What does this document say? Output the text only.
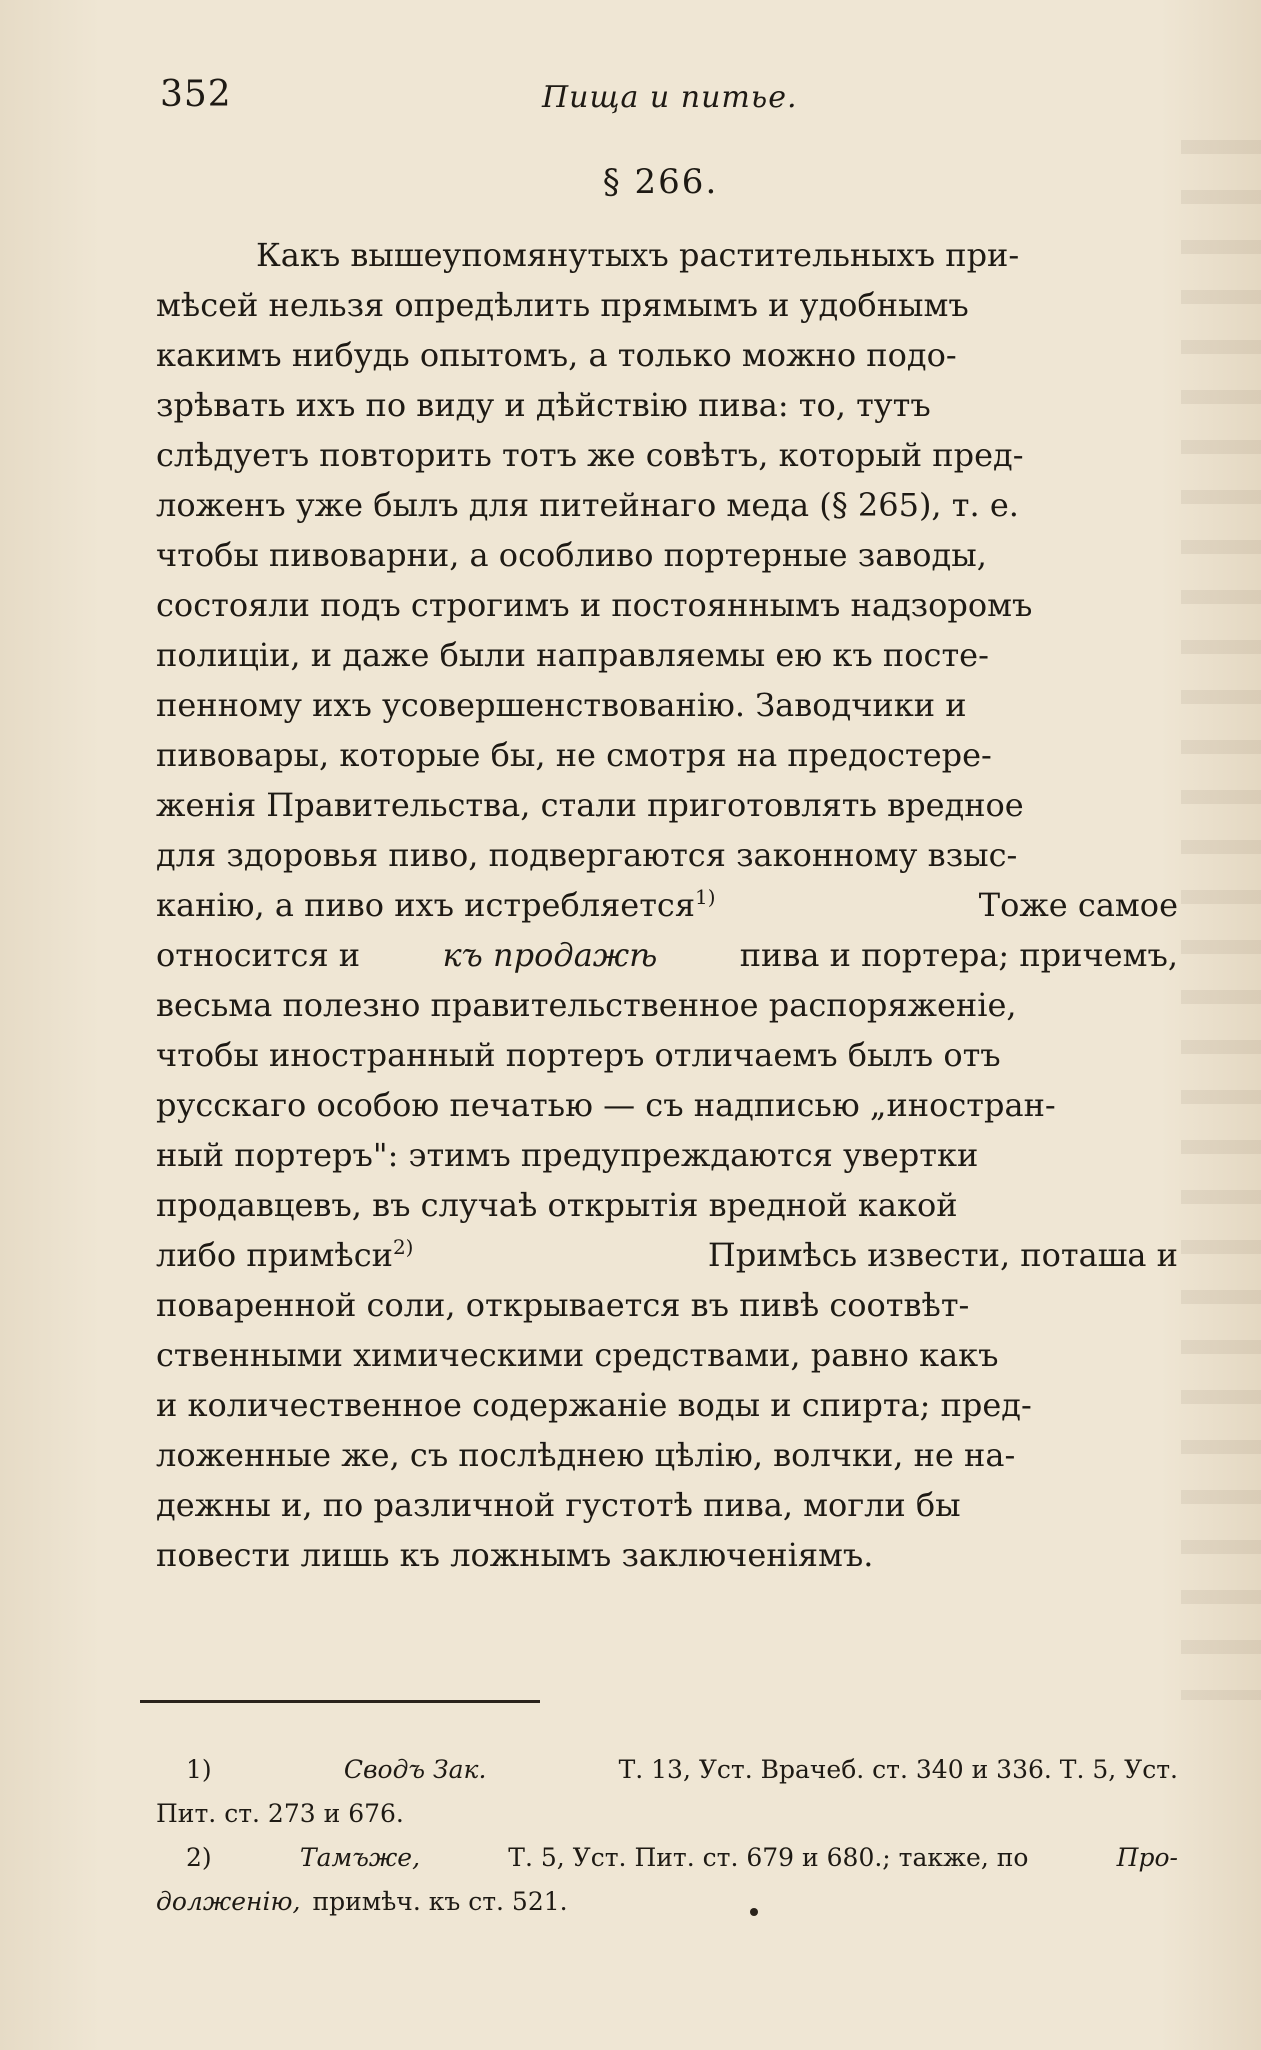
352	Пища и питье.
§ 266.
Какъ вышеупомянутыхъ растительныхъ при-
мѣсей нельзя опредѣлить прямымъ и удобнымъ
какимъ нибудь опытомъ, а только можно подо-
зрѣвать ихъ по виду и дѣйствію пива: то, тутъ
слѣдуетъ повторить тотъ же совѣтъ, который пред-
ложенъ уже былъ для питейнаго меда (§ 265), т. е.
чтобы пивоварни, а особливо портерные заводы,
состояли подъ строгимъ и постояннымъ надзоромъ
полиціи, и даже были направляемы ею къ посте-
пенному ихъ усовершенствованію. Заводчики и
пивовары, которые бы, не смотря на предостере-
женія Правительства, стали приготовлять вредное
для здоровья пиво, подвергаются законному взыс-
канію, а пиво ихъ истребляется$^{1)}$	Тоже самое
относится и	къ продажѣ	пива и портера; причемъ,
весьма полезно правительственное распоряженіе,
чтобы иностранный портеръ отличаемъ былъ отъ
русскаго особою печатью — съ надписью „иностран-
ный портеръ": этимъ предупреждаются увертки
продавцевъ, въ случаѣ открытія вредной какой
либо примѣси$^{2)}$	Примѣсь извести, поташа и
поваренной соли, открывается въ пивѣ соотвѣт-
ственными химическими средствами, равно какъ
и количественное содержаніе воды и спирта; пред-
ложенные же, съ послѣднею цѣлію, волчки, не на-
дежны и, по различной густотѣ пива, могли бы
повести лишь къ ложнымъ заключеніямъ.
1)	Сводъ Зак.	Т. 13, Уст. Врачеб. ст. 340 и 336. Т. 5, Уст.
Пит. ст. 273 и 676.
2)	Тамъже,	Т. 5, Уст. Пит. ст. 679 и 680.; также, по	Про-
долженію, примѣч. къ ст. 521.
